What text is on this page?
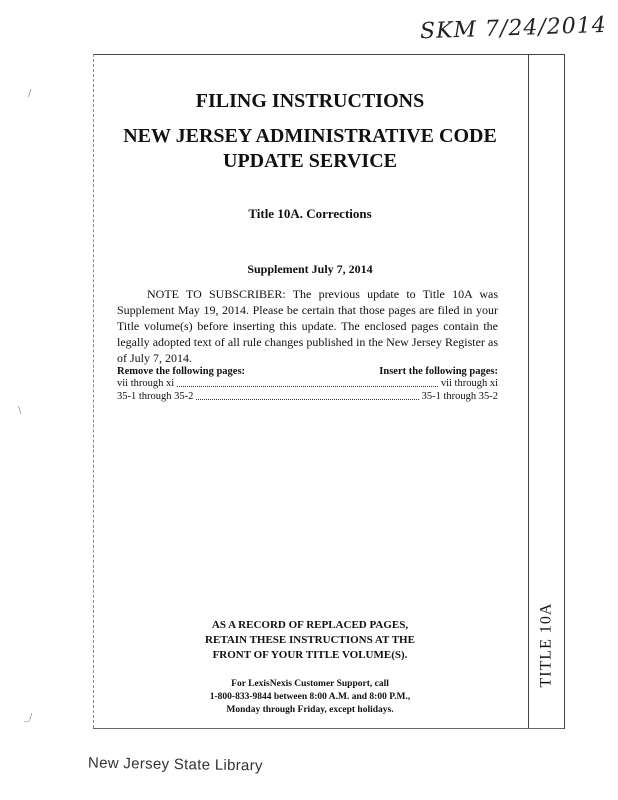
SKM 7/24/2014
TITLE 10A
FILING INSTRUCTIONS
NEW JERSEY ADMINISTRATIVE CODE
UPDATE SERVICE
Title 10A. Corrections
Supplement July 7, 2014
NOTE TO SUBSCRIBER: The previous update to Title 10A was Supplement May 19, 2014. Please be certain that those pages are filed in your Title volume(s) before inserting this update. The enclosed pages contain the legally adopted text of all rule changes published in the New Jersey Register as of July 7, 2014.
Remove the following pages:	Insert the following pages:
vii through xi	vii through xi
35-1 through 35-2	35-1 through 35-2
AS A RECORD OF REPLACED PAGES,
RETAIN THESE INSTRUCTIONS AT THE
FRONT OF YOUR TITLE VOLUME(S).
For LexisNexis Customer Support, call
1-800-833-9844 between 8:00 A.M. and 8:00 P.M.,
Monday through Friday, except holidays.
/
\
_/
New Jersey State Library
